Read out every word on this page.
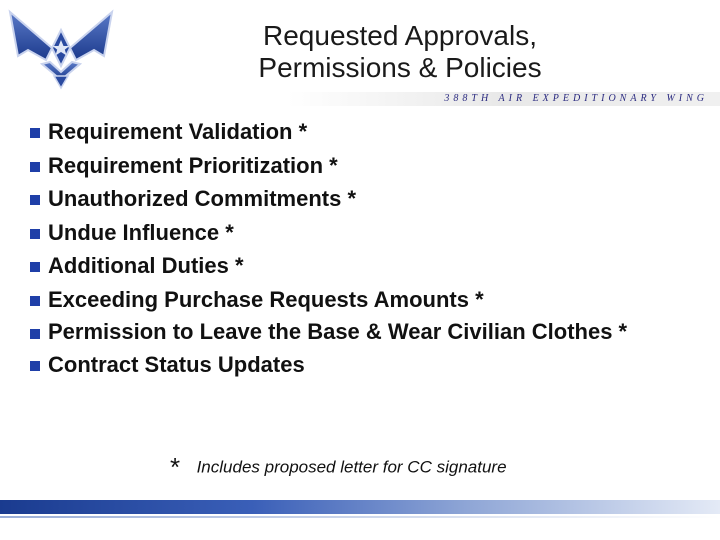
Requested Approvals,
Permissions & Policies
388TH AIR EXPEDITIONARY WING
Requirement Validation *
Requirement Prioritization *
Unauthorized Commitments *
Undue Influence *
Additional Duties *
Exceeding Purchase Requests Amounts *
Permission to Leave the Base & Wear Civilian Clothes *
Contract Status Updates
* Includes proposed letter for CC signature
